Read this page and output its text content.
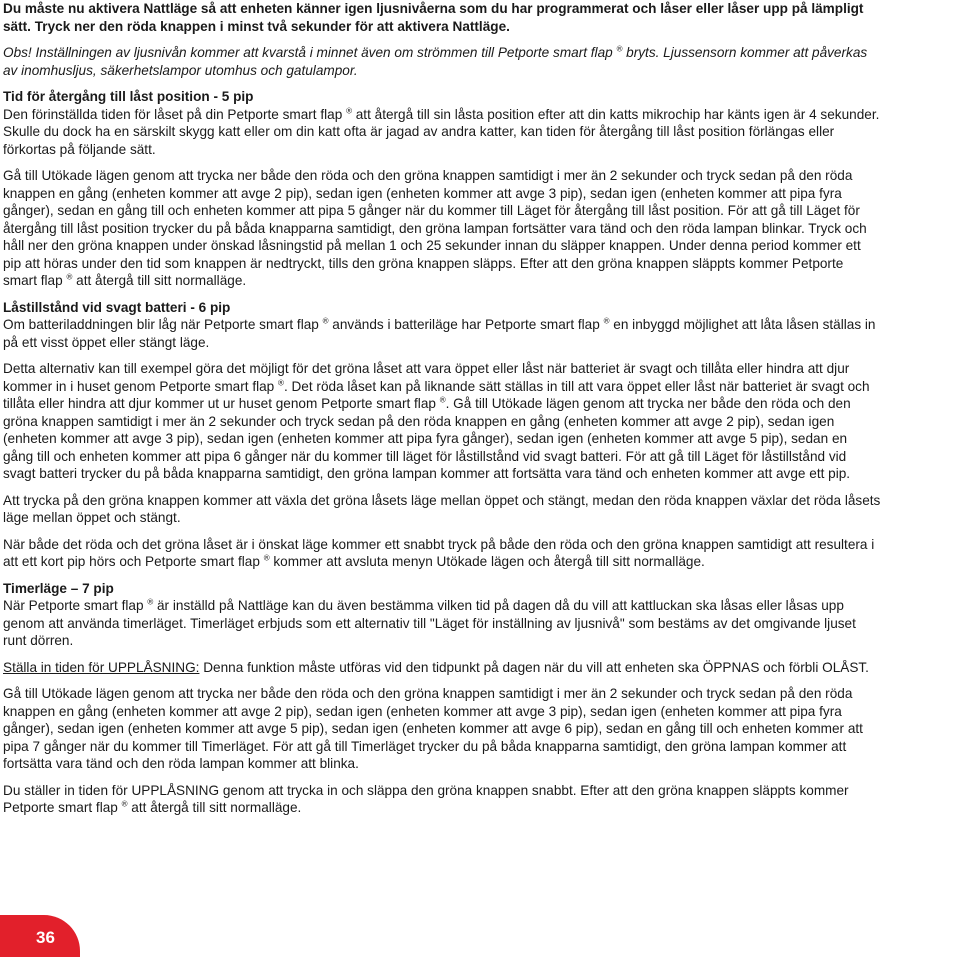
Du måste nu aktivera Nattläge så att enheten känner igen ljusnivåerna som du har programmerat och låser eller låser upp på lämpligt sätt. Tryck ner den röda knappen i minst två sekunder för att aktivera Nattläge.

Obs! Inställningen av ljusnivån kommer att kvarstå i minnet även om strömmen till Petporte smart flap ® bryts. Ljussensorn kommer att påverkas av inomhusljus, säkerhetslampor utomhus och gatulampor.

Tid för återgång till låst position - 5 pip

Den förinställda tiden för låset på din Petporte smart flap ® att återgå till sin låsta position efter att din katts mikrochip har känts igen är 4 sekunder. Skulle du dock ha en särskilt skygg katt eller om din katt ofta är jagad av andra katter, kan tiden för återgång till låst position förlängas eller förkortas på följande sätt.

Gå till Utökade lägen genom att trycka ner både den röda och den gröna knappen samtidigt i mer än 2 sekunder och tryck sedan på den röda knappen en gång (enheten kommer att avge 2 pip), sedan igen (enheten kommer att avge 3 pip), sedan igen (enheten kommer att pipa fyra gånger), sedan en gång till och enheten kommer att pipa 5 gånger när du kommer till Läget för återgång till låst position. För att gå till Läget för återgång till låst position trycker du på båda knapparna samtidigt, den gröna lampan fortsätter vara tänd och den röda lampan blinkar. Tryck och håll ner den gröna knappen under önskad låsningstid på mellan 1 och 25 sekunder innan du släpper knappen. Under denna period kommer ett pip att höras under den tid som knappen är nedtryckt, tills den gröna knappen släpps. Efter att den gröna knappen släppts kommer Petporte smart flap ® att återgå till sitt normalläge.

Låstillstånd vid svagt batteri - 6 pip

Om batteriladdningen blir låg när Petporte smart flap ® används i batteriläge har Petporte smart flap ® en inbyggd möjlighet att låta låsen ställas in på ett visst öppet eller stängt läge.

Detta alternativ kan till exempel göra det möjligt för det gröna låset att vara öppet eller låst när batteriet är svagt och tillåta eller hindra att djur kommer in i huset genom Petporte smart flap ®. Det röda låset kan på liknande sätt ställas in till att vara öppet eller låst när batteriet är svagt och tillåta eller hindra att djur kommer ut ur huset genom Petporte smart flap ®. Gå till Utökade lägen genom att trycka ner både den röda och den gröna knappen samtidigt i mer än 2 sekunder och tryck sedan på den röda knappen en gång (enheten kommer att avge 2 pip), sedan igen (enheten kommer att avge 3 pip), sedan igen (enheten kommer att pipa fyra gånger), sedan igen (enheten kommer att avge 5 pip), sedan en gång till och enheten kommer att pipa 6 gånger när du kommer till läget för låstillstånd vid svagt batteri. För att gå till Läget för låstillstånd vid svagt batteri trycker du på båda knapparna samtidigt, den gröna lampan kommer att fortsätta vara tänd och enheten kommer att avge ett pip.

Att trycka på den gröna knappen kommer att växla det gröna låsets läge mellan öppet och stängt, medan den röda knappen växlar det röda låsets läge mellan öppet och stängt.

När både det röda och det gröna låset är i önskat läge kommer ett snabbt tryck på både den röda och den gröna knappen samtidigt att resultera i att ett kort pip hörs och Petporte smart flap ® kommer att avsluta menyn Utökade lägen och återgå till sitt normalläge.

Timerläge – 7 pip

När Petporte smart flap ® är inställd på Nattläge kan du även bestämma vilken tid på dagen då du vill att kattluckan ska låsas eller låsas upp genom att använda timerläget. Timerläget erbjuds som ett alternativ till "Läget för inställning av ljusnivå" som bestäms av det omgivande ljuset runt dörren.

Ställa in tiden för UPPLÅSNING: Denna funktion måste utföras vid den tidpunkt på dagen när du vill att enheten ska ÖPPNAS och förbli OLÅST.

Gå till Utökade lägen genom att trycka ner både den röda och den gröna knappen samtidigt i mer än 2 sekunder och tryck sedan på den röda knappen en gång (enheten kommer att avge 2 pip), sedan igen (enheten kommer att avge 3 pip), sedan igen (enheten kommer att pipa fyra gånger), sedan igen (enheten kommer att avge 5 pip), sedan igen (enheten kommer att avge 6 pip), sedan en gång till och enheten kommer att pipa 7 gånger när du kommer till Timerläget. För att gå till Timerläget trycker du på båda knapparna samtidigt, den gröna lampan kommer att fortsätta vara tänd och den röda lampan kommer att blinka.

Du ställer in tiden för UPPLÅSNING genom att trycka in och släppa den gröna knappen snabbt. Efter att den gröna knappen släppts kommer Petporte smart flap ® att återgå till sitt normalläge.

36
